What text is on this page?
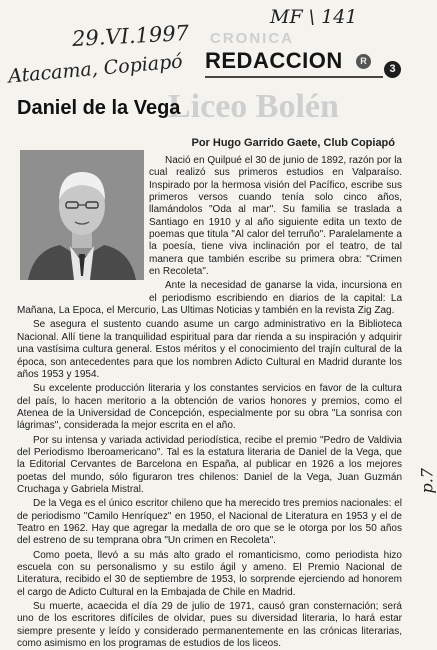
29.VI.1997
MF \ 141
Atacama, Copiapó
p.7
CRONICA
Liceo Bolén
REDACCION	R
3
Daniel de la Vega
Por Hugo Garrido Gaete, Club Copiapó

Nació en Quilpué el 30 de junio de 1892, razón por la cual realizó sus primeros estudios en Valparaíso. Inspirado por la hermosa visión del Pacífico, escribe sus primeros versos cuando tenía solo cinco años, llamándolos "Oda al mar". Su familia se traslada a Santiago en 1910 y al año siguiente edita un texto de poemas que titula "Al calor del terruño". Paralelamente a la poesía, tiene viva inclinación por el teatro, de tal manera que también escribe su primera obra: "Crimen en Recoleta".

Ante la necesidad de ganarse la vida, incursiona en el periodismo escribiendo en diarios de la capital: La Mañana, La Epoca, el Mercurio, Las Ultimas Noticias y también en la revista Zig Zag.

Se asegura el sustento cuando asume un cargo administrativo en la Biblioteca Nacional. Allí tiene la tranquilidad espiritual para dar rienda a su inspiración y adquirir una vastísima cultura general. Estos méritos y el conocimiento del trajín cultural de la época, son antecedentes para que los nombren Adicto Cultural en Madrid durante los años 1953 y 1954.

Su excelente producción literaria y los constantes servicios en favor de la cultura del país, lo hacen meritorio a la obtención de varios honores y premios, como el Atenea de la Universidad de Concepción, especialmente por su obra "La sonrisa con lágrimas", considerada la mejor escrita en el año.

Por su intensa y variada actividad periodística, recibe el premio "Pedro de Valdivia del Periodismo Iberoamericano". Tal es la estatura literaria de Daniel de la Vega, que la Editorial Cervantes de Barcelona en España, al publicar en 1926 a los mejores poetas del mundo, sólo figuraron tres chilenos: Daniel de la Vega, Juan Guzmán Cruchaga y Gabriela Mistral.

De la Vega es el único escritor chileno que ha merecido tres premios nacionales: el de periodismo "Camilo Henríquez" en 1950, el Nacional de Literatura en 1953 y el de Teatro en 1962. Hay que agregar la medalla de oro que se le otorga por los 50 años del estreno de su temprana obra "Un crimen en Recoleta".

Como poeta, llevó a su más alto grado el romanticismo, como periodista hizo escuela con su personalismo y su estilo ágil y ameno. El Premio Nacional de Literatura, recibido el 30 de septiembre de 1953, lo sorprende ejerciendo ad honorem el cargo de Adicto Cultural en la Embajada de Chile en Madrid.

Su muerte, acaecida el día 29 de julio de 1971, causó gran consternación; será uno de los escritores difíciles de olvidar, pues su diversidad literaria, lo hará estar siempre presente y leído y considerado permanentemente en las crónicas literarias, como asimismo en los programas de estudios de los liceos.
